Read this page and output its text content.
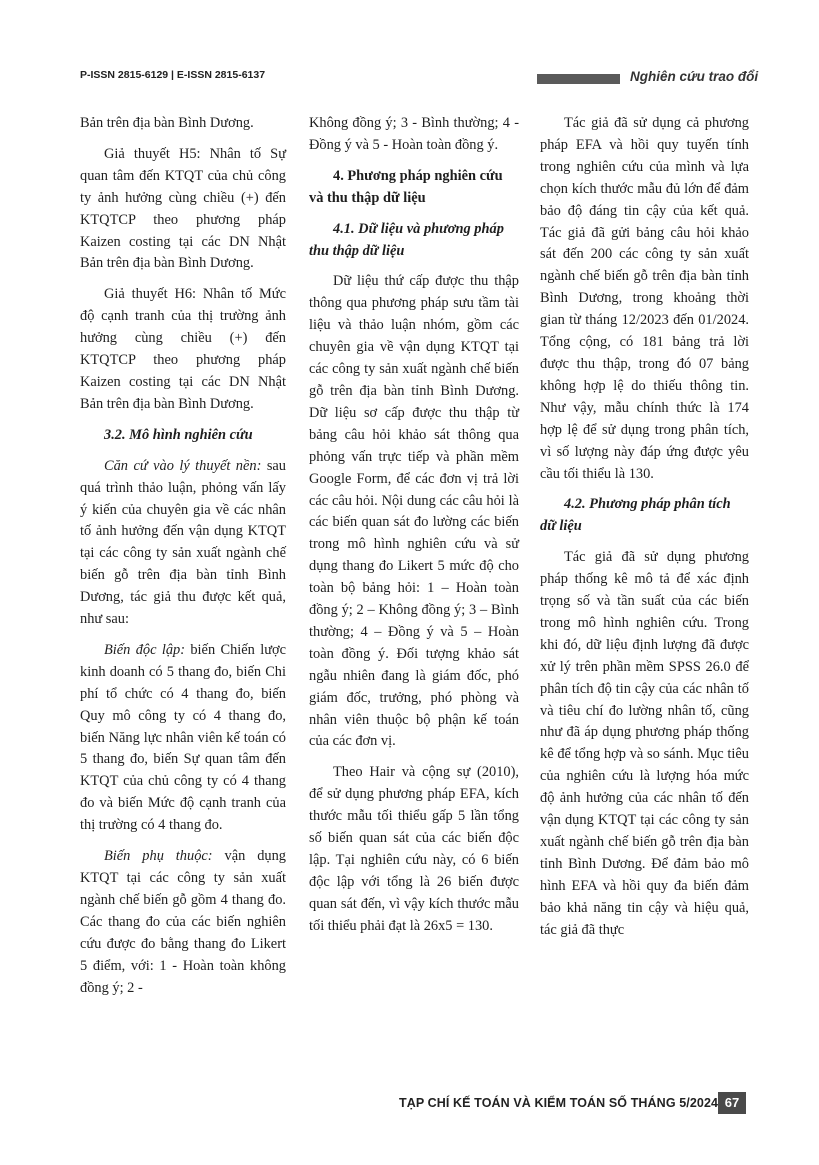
P-ISSN 2815-6129 | E-ISSN 2815-6137	Nghiên cứu trao đổi

Bản trên địa bàn Bình Dương.

Giả thuyết H5: Nhân tố Sự quan tâm đến KTQT của chủ công ty ảnh hưởng cùng chiều (+) đến KTQTCP theo phương pháp Kaizen costing tại các DN Nhật Bản trên địa bàn Bình Dương.

Giả thuyết H6: Nhân tố Mức độ cạnh tranh của thị trường ảnh hưởng cùng chiều (+) đến KTQTCP theo phương pháp Kaizen costing tại các DN Nhật Bản trên địa bàn Bình Dương.

3.2. Mô hình nghiên cứu

Căn cứ vào lý thuyết nền: sau quá trình thảo luận, phỏng vấn lấy ý kiến của chuyên gia về các nhân tố ảnh hưởng đến vận dụng KTQT tại các công ty sản xuất ngành chế biến gỗ trên địa bàn tỉnh Bình Dương, tác giả thu được kết quả, như sau:

Biến độc lập: biến Chiến lược kinh doanh có 5 thang đo, biến Chi phí tổ chức có 4 thang đo, biến Quy mô công ty có 4 thang đo, biến Năng lực nhân viên kế toán có 5 thang đo, biến Sự quan tâm đến KTQT của chủ công ty có 4 thang đo và biến Mức độ cạnh tranh của thị trường có 4 thang đo.

Biến phụ thuộc: vận dụng KTQT tại các công ty sản xuất ngành chế biến gỗ gồm 4 thang đo. Các thang đo của các biến nghiên cứu được đo bằng thang đo Likert 5 điểm, với: 1 - Hoàn toàn không đồng ý; 2 -

Không đồng ý; 3 - Bình thường; 4 - Đồng ý và 5 - Hoàn toàn đồng ý.

4. Phương pháp nghiên cứu và thu thập dữ liệu
4.1. Dữ liệu và phương pháp thu thập dữ liệu

Dữ liệu thứ cấp được thu thập thông qua phương pháp sưu tầm tài liệu và thảo luận nhóm, gồm các chuyên gia về vận dụng KTQT tại các công ty sản xuất ngành chế biến gỗ trên địa bàn tỉnh Bình Dương. Dữ liệu sơ cấp được thu thập từ bảng câu hỏi khảo sát thông qua phỏng vấn trực tiếp và phần mềm Google Form, để các đơn vị trả lời các câu hỏi. Nội dung các câu hỏi là các biến quan sát đo lường các biến trong mô hình nghiên cứu và sử dụng thang đo Likert 5 mức độ cho toàn bộ bảng hỏi: 1 – Hoàn toàn đồng ý; 2 – Không đồng ý; 3 – Bình thường; 4 – Đồng ý và 5 – Hoàn toàn đồng ý. Đối tượng khảo sát ngẫu nhiên đang là giám đốc, phó giám đốc, trưởng, phó phòng và nhân viên thuộc bộ phận kế toán của các đơn vị.

Theo Hair và cộng sự (2010), để sử dụng phương pháp EFA, kích thước mẫu tối thiểu gấp 5 lần tổng số biến quan sát của các biến độc lập. Tại nghiên cứu này, có 6 biến độc lập với tổng là 26 biến được quan sát đến, vì vậy kích thước mẫu tối thiểu phải đạt là 26x5 = 130.

Tác giả đã sử dụng cả phương pháp EFA và hồi quy tuyến tính trong nghiên cứu của mình và lựa chọn kích thước mẫu đủ lớn để đảm bảo độ đáng tin cậy của kết quả. Tác giả đã gửi bảng câu hỏi khảo sát đến 200 các công ty sản xuất ngành chế biến gỗ trên địa bàn tỉnh Bình Dương, trong khoảng thời gian từ tháng 12/2023 đến 01/2024. Tổng cộng, có 181 bảng trả lời được thu thập, trong đó 07 bảng không hợp lệ do thiếu thông tin. Như vậy, mẫu chính thức là 174 hợp lệ để sử dụng trong phân tích, vì số lượng này đáp ứng được yêu cầu tối thiểu là 130.

4.2. Phương pháp phân tích dữ liệu

Tác giả đã sử dụng phương pháp thống kê mô tả để xác định trọng số và tần suất của các biến trong mô hình nghiên cứu. Trong khi đó, dữ liệu định lượng đã được xử lý trên phần mềm SPSS 26.0 để phân tích độ tin cậy của các nhân tố và tiêu chí đo lường nhân tố, cũng như đã áp dụng phương pháp thống kê để tổng hợp và so sánh. Mục tiêu của nghiên cứu là lượng hóa mức độ ảnh hưởng của các nhân tố đến vận dụng KTQT tại các công ty sản xuất ngành chế biến gỗ trên địa bàn tỉnh Bình Dương. Để đảm bảo mô hình EFA và hồi quy đa biến đảm bảo khả năng tin cậy và hiệu quả, tác giả đã thực

TẠP CHÍ KẾ TOÁN VÀ KIỂM TOÁN SỐ THÁNG 5/2024 67
